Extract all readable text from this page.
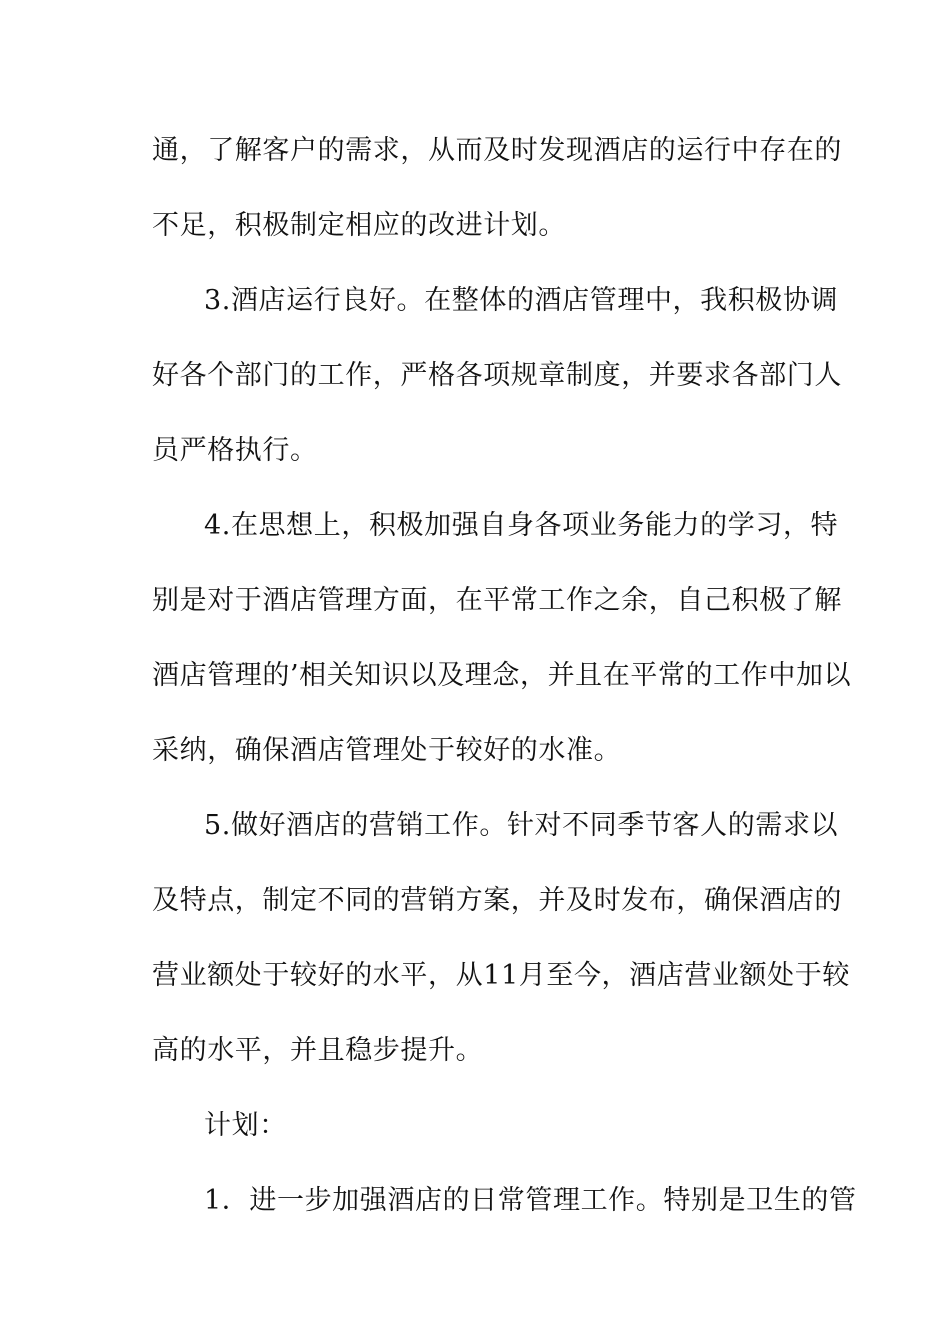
通，了解客户的需求，从而及时发现酒店的运行中存在的
不足，积极制定相应的改进计划。
3.酒店运行良好。在整体的酒店管理中，我积极协调
好各个部门的工作，严格各项规章制度，并要求各部门人
员严格执行。
4.在思想上，积极加强自身各项业务能力的学习，特
别是对于酒店管理方面，在平常工作之余，自己积极了解
酒店管理的’相关知识以及理念，并且在平常的工作中加以
采纳，确保酒店管理处于较好的水准。
5.做好酒店的营销工作。针对不同季节客人的需求以
及特点，制定不同的营销方案，并及时发布，确保酒店的
营业额处于较好的水平，从11月至今，酒店营业额处于较
高的水平，并且稳步提升。
计划：
1．进一步加强酒店的日常管理工作。特别是卫生的管
